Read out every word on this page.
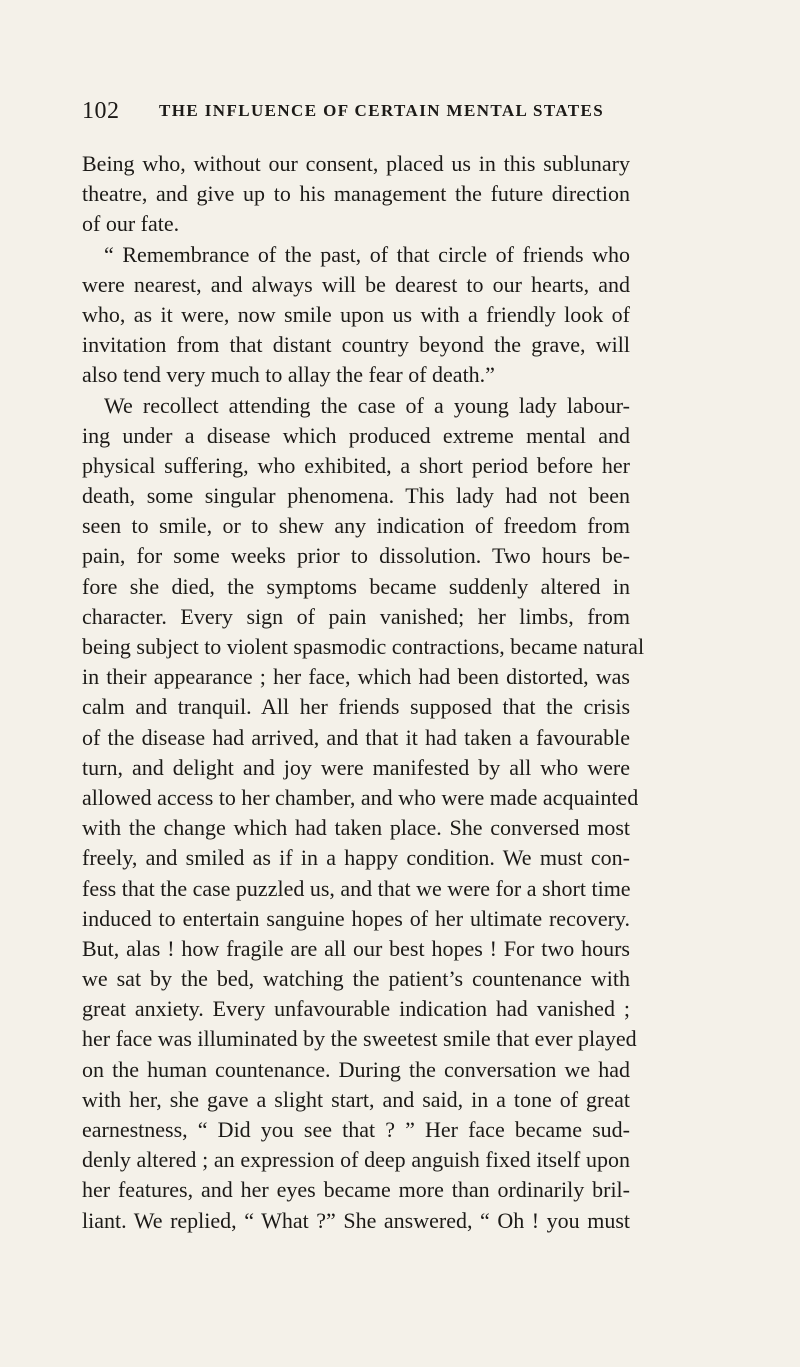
102 THE INFLUENCE OF CERTAIN MENTAL STATES
Being who, without our consent, placed us in this sublunary
theatre, and give up to his management the future direction
of our fate.
“ Remembrance of the past, of that circle of friends who
were nearest, and always will be dearest to our hearts, and
who, as it were, now smile upon us with a friendly look of
invitation from that distant country beyond the grave, will
also tend very much to allay the fear of death.”
We recollect attending the case of a young lady labour-
ing under a disease which produced extreme mental and
physical suffering, who exhibited, a short period before her
death, some singular phenomena. This lady had not been
seen to smile, or to shew any indication of freedom from
pain, for some weeks prior to dissolution. Two hours be-
fore she died, the symptoms became suddenly altered in
character. Every sign of pain vanished; her limbs, from
being subject to violent spasmodic contractions, became natural
in their appearance ; her face, which had been distorted, was
calm and tranquil. All her friends supposed that the crisis
of the disease had arrived, and that it had taken a favourable
turn, and delight and joy were manifested by all who were
allowed access to her chamber, and who were made acquainted
with the change which had taken place. She conversed most
freely, and smiled as if in a happy condition. We must con-
fess that the case puzzled us, and that we were for a short time
induced to entertain sanguine hopes of her ultimate recovery.
But, alas ! how fragile are all our best hopes ! For two hours
we sat by the bed, watching the patient’s countenance with
great anxiety. Every unfavourable indication had vanished ;
her face was illuminated by the sweetest smile that ever played
on the human countenance. During the conversation we had
with her, she gave a slight start, and said, in a tone of great
earnestness, “ Did you see that ? ” Her face became sud-
denly altered ; an expression of deep anguish fixed itself upon
her features, and her eyes became more than ordinarily bril-
liant. We replied, “ What ?” She answered, “ Oh ! you must
